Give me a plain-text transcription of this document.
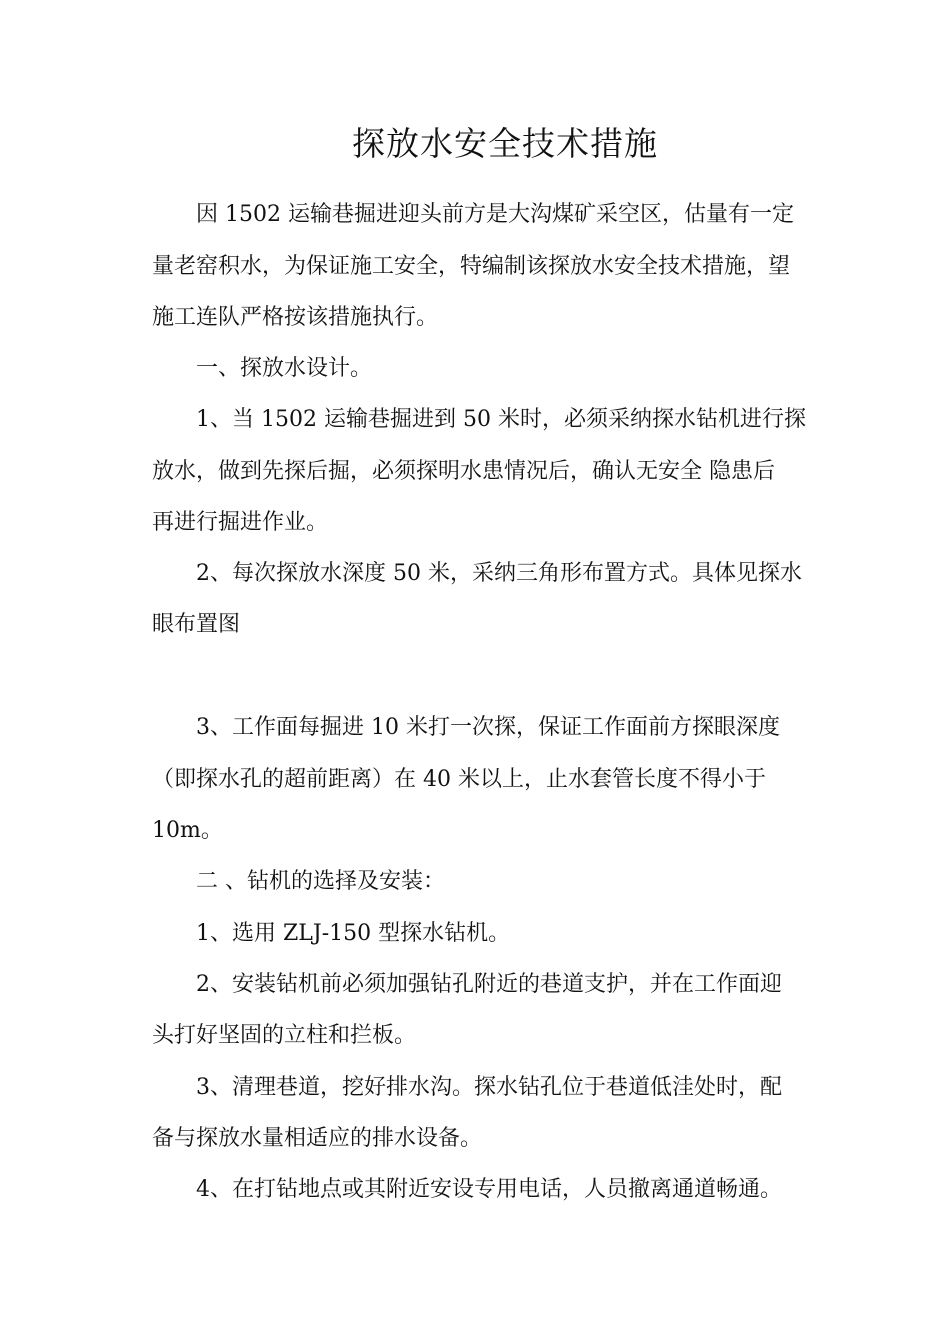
探放水安全技术措施
因 1502 运输巷掘进迎头前方是大沟煤矿采空区，估量有一定
量老窑积水，为保证施工安全，特编制该探放水安全技术措施，望
施工连队严格按该措施执行。
一、探放水设计。
1、当 1502 运输巷掘进到 50 米时，必须采纳探水钻机进行探
放水，做到先探后掘，必须探明水患情况后，确认无安全 隐患后
再进行掘进作业。
2、每次探放水深度 50 米，采纳三角形布置方式。具体见探水
眼布置图
3、工作面每掘进 10 米打一次探，保证工作面前方探眼深度
（即探水孔的超前距离）在 40 米以上，止水套管长度不得小于
10m。
二 、钻机的选择及安装：
1、选用 ZLJ-150 型探水钻机。
2、安装钻机前必须加强钻孔附近的巷道支护，并在工作面迎
头打好坚固的立柱和拦板。
3、清理巷道，挖好排水沟。探水钻孔位于巷道低洼处时，配
备与探放水量相适应的排水设备。
4、在打钻地点或其附近安设专用电话，人员撤离通道畅通。
